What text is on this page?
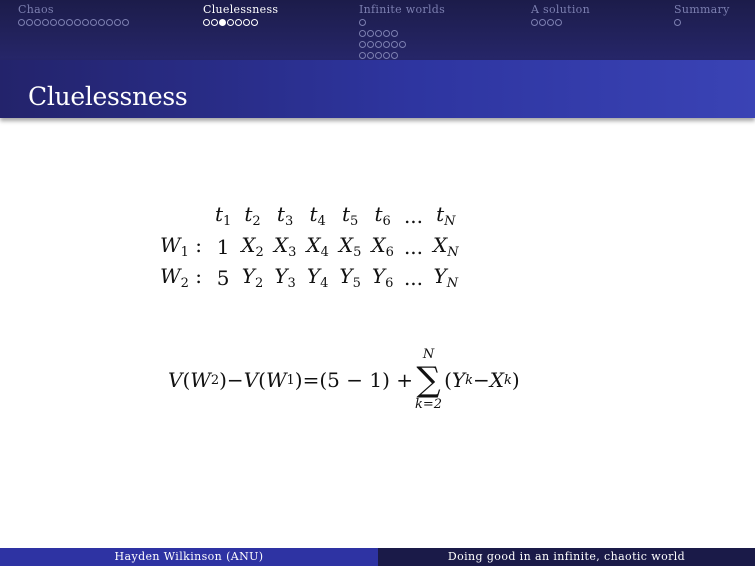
Chaos	Cluelessness	Infinite worlds	A solution	Summary
Cluelessness
	$t_1$	$t_2$	$t_3$	$t_4$	$t_5$	$t_6$	...	$t_N$
$W_1$ :	1	$X_2$	$X_3$	$X_4$	$X_5$	$X_6$	...	$X_N$
$W_2$ :	5	$Y_2$	$Y_3$	$Y_4$	$Y_5$	$Y_6$	...	$Y_N$
V ( W 2 ) − V ( W 1 ) = (5 − 1) +
N
∑
k=2
( Y k − X k )
Hayden Wilkinson (ANU)	Doing good in an infinite, chaotic world
